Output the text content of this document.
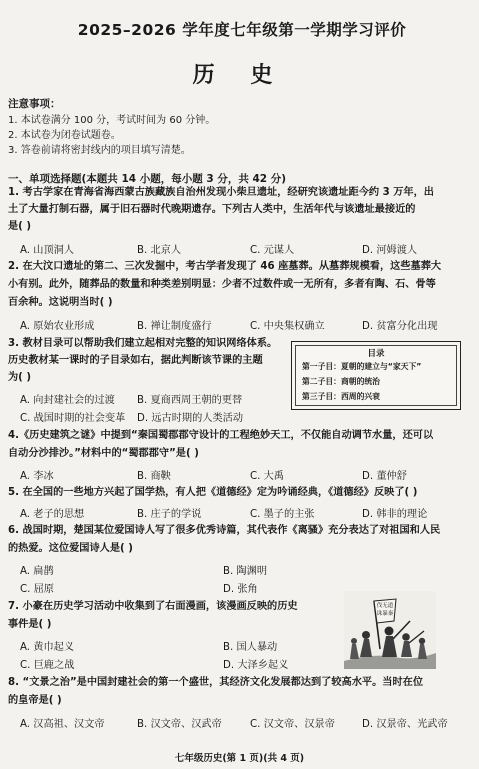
2025–2026 学年度七年级第一学期学习评价
历 史
注意事项：
1. 本试卷满分 100 分，考试时间为 60 分钟。
2. 本试卷为闭卷试题卷。
3. 答卷前请将密封线内的项目填写清楚。
一、单项选择题(本题共 14 小题，每小题 3 分，共 42 分)
1. 考古学家在青海省海西蒙古族藏族自治州发现小柴旦遗址，经研究该遗址距今约 3 万年，出
土了大量打制石器，属于旧石器时代晚期遗存。下列古人类中，生活年代与该遗址最接近的
是( )
A. 山顶洞人	B. 北京人	C. 元谋人	D. 河姆渡人
2. 在大汶口遗址的第二、三次发掘中，考古学者发现了 46 座墓葬。从墓葬规模看，这些墓葬大
小有别。此外，随葬品的数量和种类差别明显：少者不过数件或一无所有，多者有陶、石、骨等
百余种。这说明当时( )
A. 原始农业形成	B. 禅让制度盛行	C. 中央集权确立	D. 贫富分化出现
3. 教材目录可以帮助我们建立起相对完整的知识网络体系。
历史教材某一课时的子目录如右，据此判断该节课的主题
为( )
A. 向封建社会的过渡 B. 夏商西周王朝的更替
C. 战国时期的社会变革 D. 远古时期的人类活动
目录
第一子目：夏朝的建立与“家天下”
第二子目：商朝的统治
第三子目：西周的兴衰
4.《历史建筑之谜》中提到“秦国蜀郡郡守设计的工程绝妙天工，不仅能自动调节水量，还可以
自动分沙排沙。”材料中的“蜀郡郡守”是( )
A. 李冰	B. 商鞅	C. 大禹	D. 董仲舒
5. 在全国的一些地方兴起了国学热，有人把《道德经》定为吟诵经典，《道德经》反映了( )
A. 老子的思想	B. 庄子的学说	C. 墨子的主张	D. 韩非的理论
6. 战国时期，楚国某位爱国诗人写了很多优秀诗篇，其代表作《离骚》充分表达了对祖国和人民
的热爱。这位爱国诗人是( )
A. 扁鹊	B. 陶渊明
C. 屈原	D. 张角
7. 小豪在历史学习活动中收集到了右面漫画，该漫画反映的历史
事件是( )
A. 黄巾起义	B. 国人暴动
C. 巨鹿之战	D. 大泽乡起义
伐无道
诛暴秦
8. “文景之治”是中国封建社会的第一个盛世，其经济文化发展都达到了较高水平。当时在位
的皇帝是( )
A. 汉高祖、汉文帝	B. 汉文帝、汉武帝	C. 汉文帝、汉景帝	D. 汉景帝、光武帝
七年级历史(第 1 页)(共 4 页)
